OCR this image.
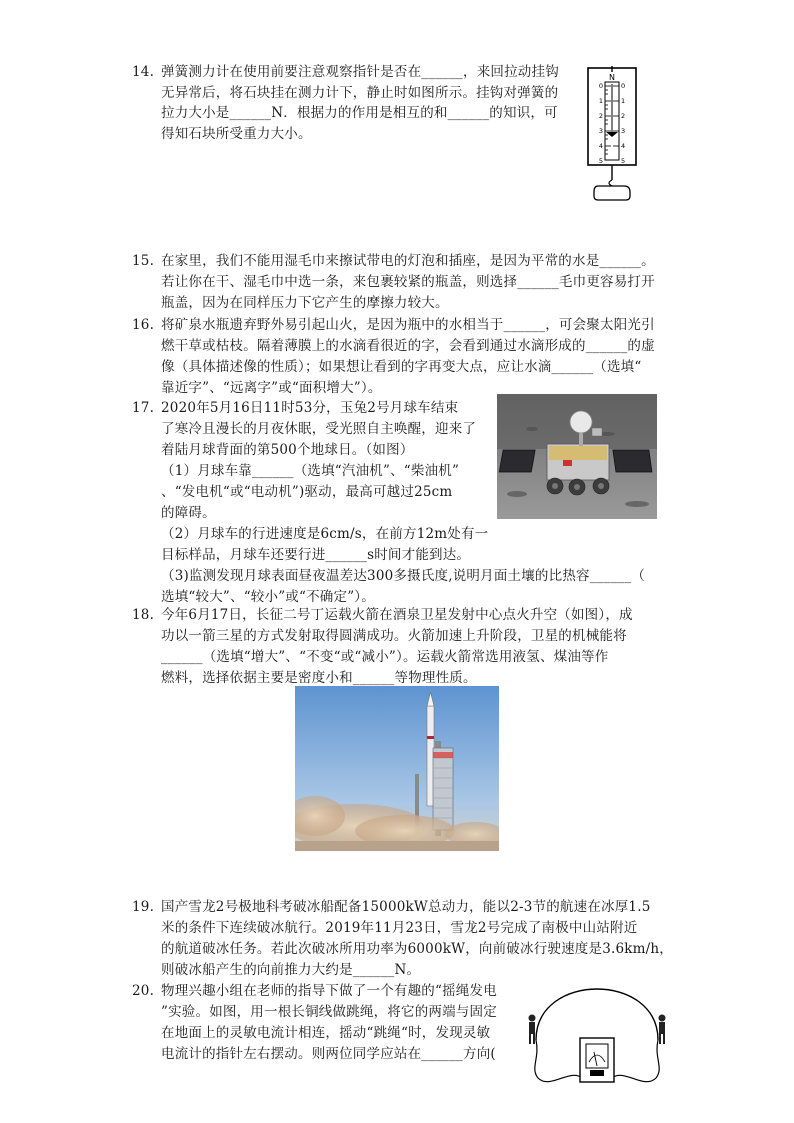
14. 弹簧测力计在使用前要注意观察指针是否在______，来回拉动挂钩
无异常后，将石块挂在测力计下，静止时如图所示。挂钩对弹簧的
拉力大小是______N．根据力的作用是相互的和______的知识，可
得知石块所受重力大小。
N
0
1
2
3
4
5
0
1
2
3
4
5
15. 在家里，我们不能用湿毛巾来擦试带电的灯泡和插座，是因为平常的水是______。
若让你在干、湿毛巾中选一条，来包裹较紧的瓶盖，则选择______毛巾更容易打开
瓶盖，因为在同样压力下它产生的摩擦力较大。
16. 将矿泉水瓶遗弃野外易引起山火，是因为瓶中的水相当于______，可会聚太阳光引
燃干草或枯枝。隔着薄膜上的水滴看很近的字，会看到通过水滴形成的______的虚
像（具体描述像的性质）；如果想让看到的字再变大点，应让水滴______（选填“
靠近字”、“远离字”或“面积增大”）。
17. 2020年5月16日11时53分，玉兔2号月球车结束
了寒冷且漫长的月夜休眠，受光照自主唤醒，迎来了
着陆月球背面的第500个地球日。（如图）
（1）月球车靠______（选填“汽油机”、“柴油机”
、“发电机“或“电动机”)驱动，最高可越过25cm
的障碍。
（2）月球车的行进速度是6cm/s，在前方12m处有一
目标样品，月球车还要行进______s时间才能到达。
（3)监测发现月球表面昼夜温差达300多摄氏度,说明月面土壤的比热容______（
选填“较大”、“较小”或“不确定”）。
18. 今年6月17日，长征二号丁运载火箭在酒泉卫星发射中心点火升空（如图），成
功以一箭三星的方式发射取得圆满成功。火箭加速上升阶段，卫星的机械能将
______（选填“增大”、“不变“或“减小”）。运载火箭常选用液氢、煤油等作
燃料，选择依据主要是密度小和______等物理性质。
19. 国产雪龙2号极地科考破冰船配备15000kW总动力，能以2-3节的航速在冰厚1.5
米的条件下连续破冰航行。2019年11月23日，雪龙2号完成了南极中山站附近
的航道破冰任务。若此次破冰所用功率为6000kW，向前破冰行驶速度是3.6km/h，
则破冰船产生的向前推力大约是______N。
20. 物理兴趣小组在老师的指导下做了一个有趣的“摇绳发电
”实验。如图，用一根长铜线做跳绳，将它的两端与固定
在地面上的灵敏电流计相连，摇动“跳绳“时，发现灵敏
电流计的指针左右摆动。则两位同学应站在______方向(
